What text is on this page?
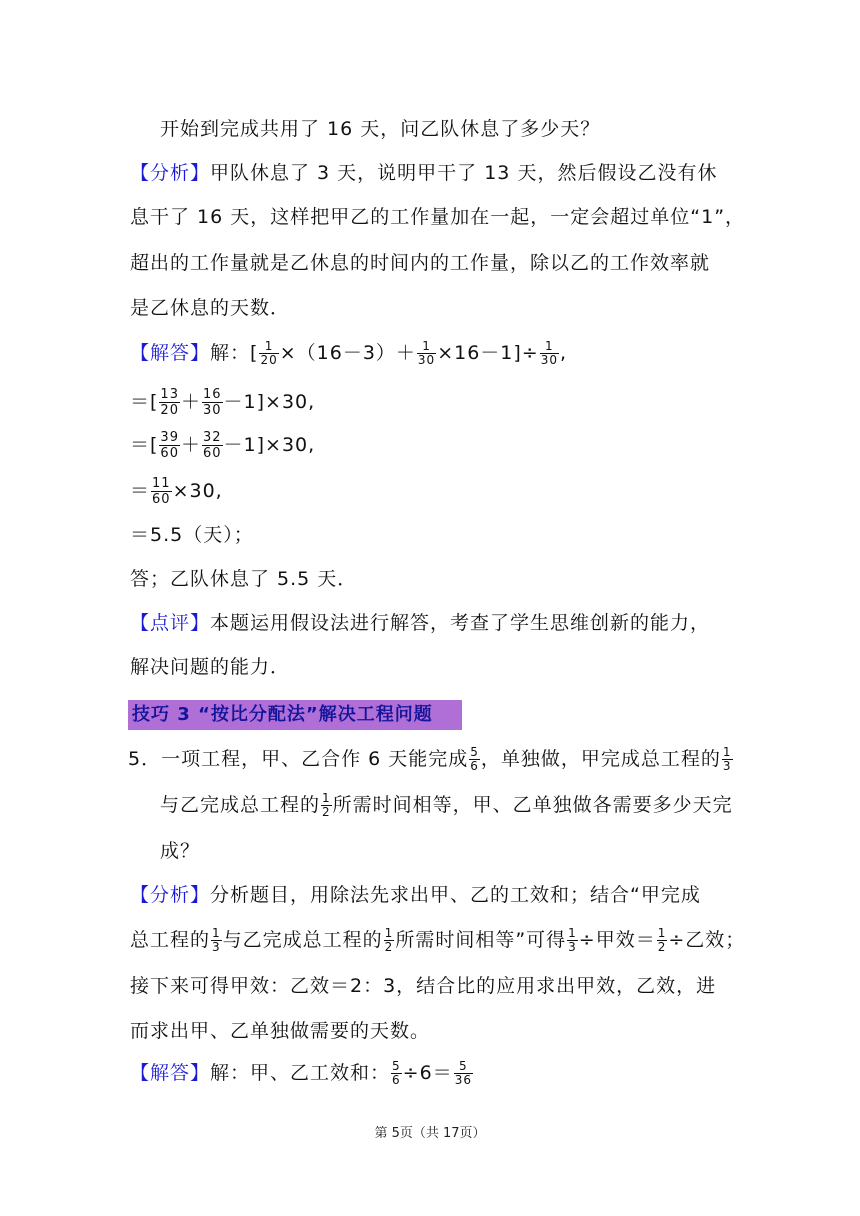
开始到完成共用了 16 天，问乙队休息了多少天？
【分析】甲队休息了 3 天，说明甲干了 13 天，然后假设乙没有休
息干了 16 天，这样把甲乙的工作量加在一起，一定会超过单位“1”，
超出的工作量就是乙休息的时间内的工作量，除以乙的工作效率就
是乙休息的天数．
【解答】解：[ $\frac{1}{20} \times(16-3)+ \frac{1}{30} \times 16-1]\div \frac{1}{30}$ ,
＝[ $\frac{13}{20} + \frac{16}{30} -1]\times 30$,
＝[ $\frac{39}{60} + \frac{32}{60} -1]\times 30$,
＝ $\frac{11}{60} \times 30$,
＝5.5（天）；
答；乙队休息了 5.5 天．
【点评】本题运用假设法进行解答，考查了学生思维创新的能力，
解决问题的能力．
技巧 3 “按比分配法”解决工程问题
5．一项工程，甲、乙合作 6 天能完成 $\frac{5}{6}$ ，单独做，甲完成总工程的 $\frac{1}{3}$
与乙完成总工程的 $\frac{1}{2}$ 所需时间相等，甲、乙单独做各需要多少天完
成？
【分析】分析题目，用除法先求出甲、乙的工效和；结合“甲完成
总工程的 $\frac{1}{3}$ 与乙完成总工程的 $\frac{1}{2}$ 所需时间相等”可得 $\frac{1}{3}$ ÷甲效＝ $\frac{1}{2}$ ÷乙效；
接下来可得甲效：乙效＝2：3，结合比的应用求出甲效，乙效，进
而求出甲、乙单独做需要的天数。
【解答】解：甲、乙工效和： $\frac{5}{6} \div 6= \frac{5}{36}$
第 5页（共 17页）
